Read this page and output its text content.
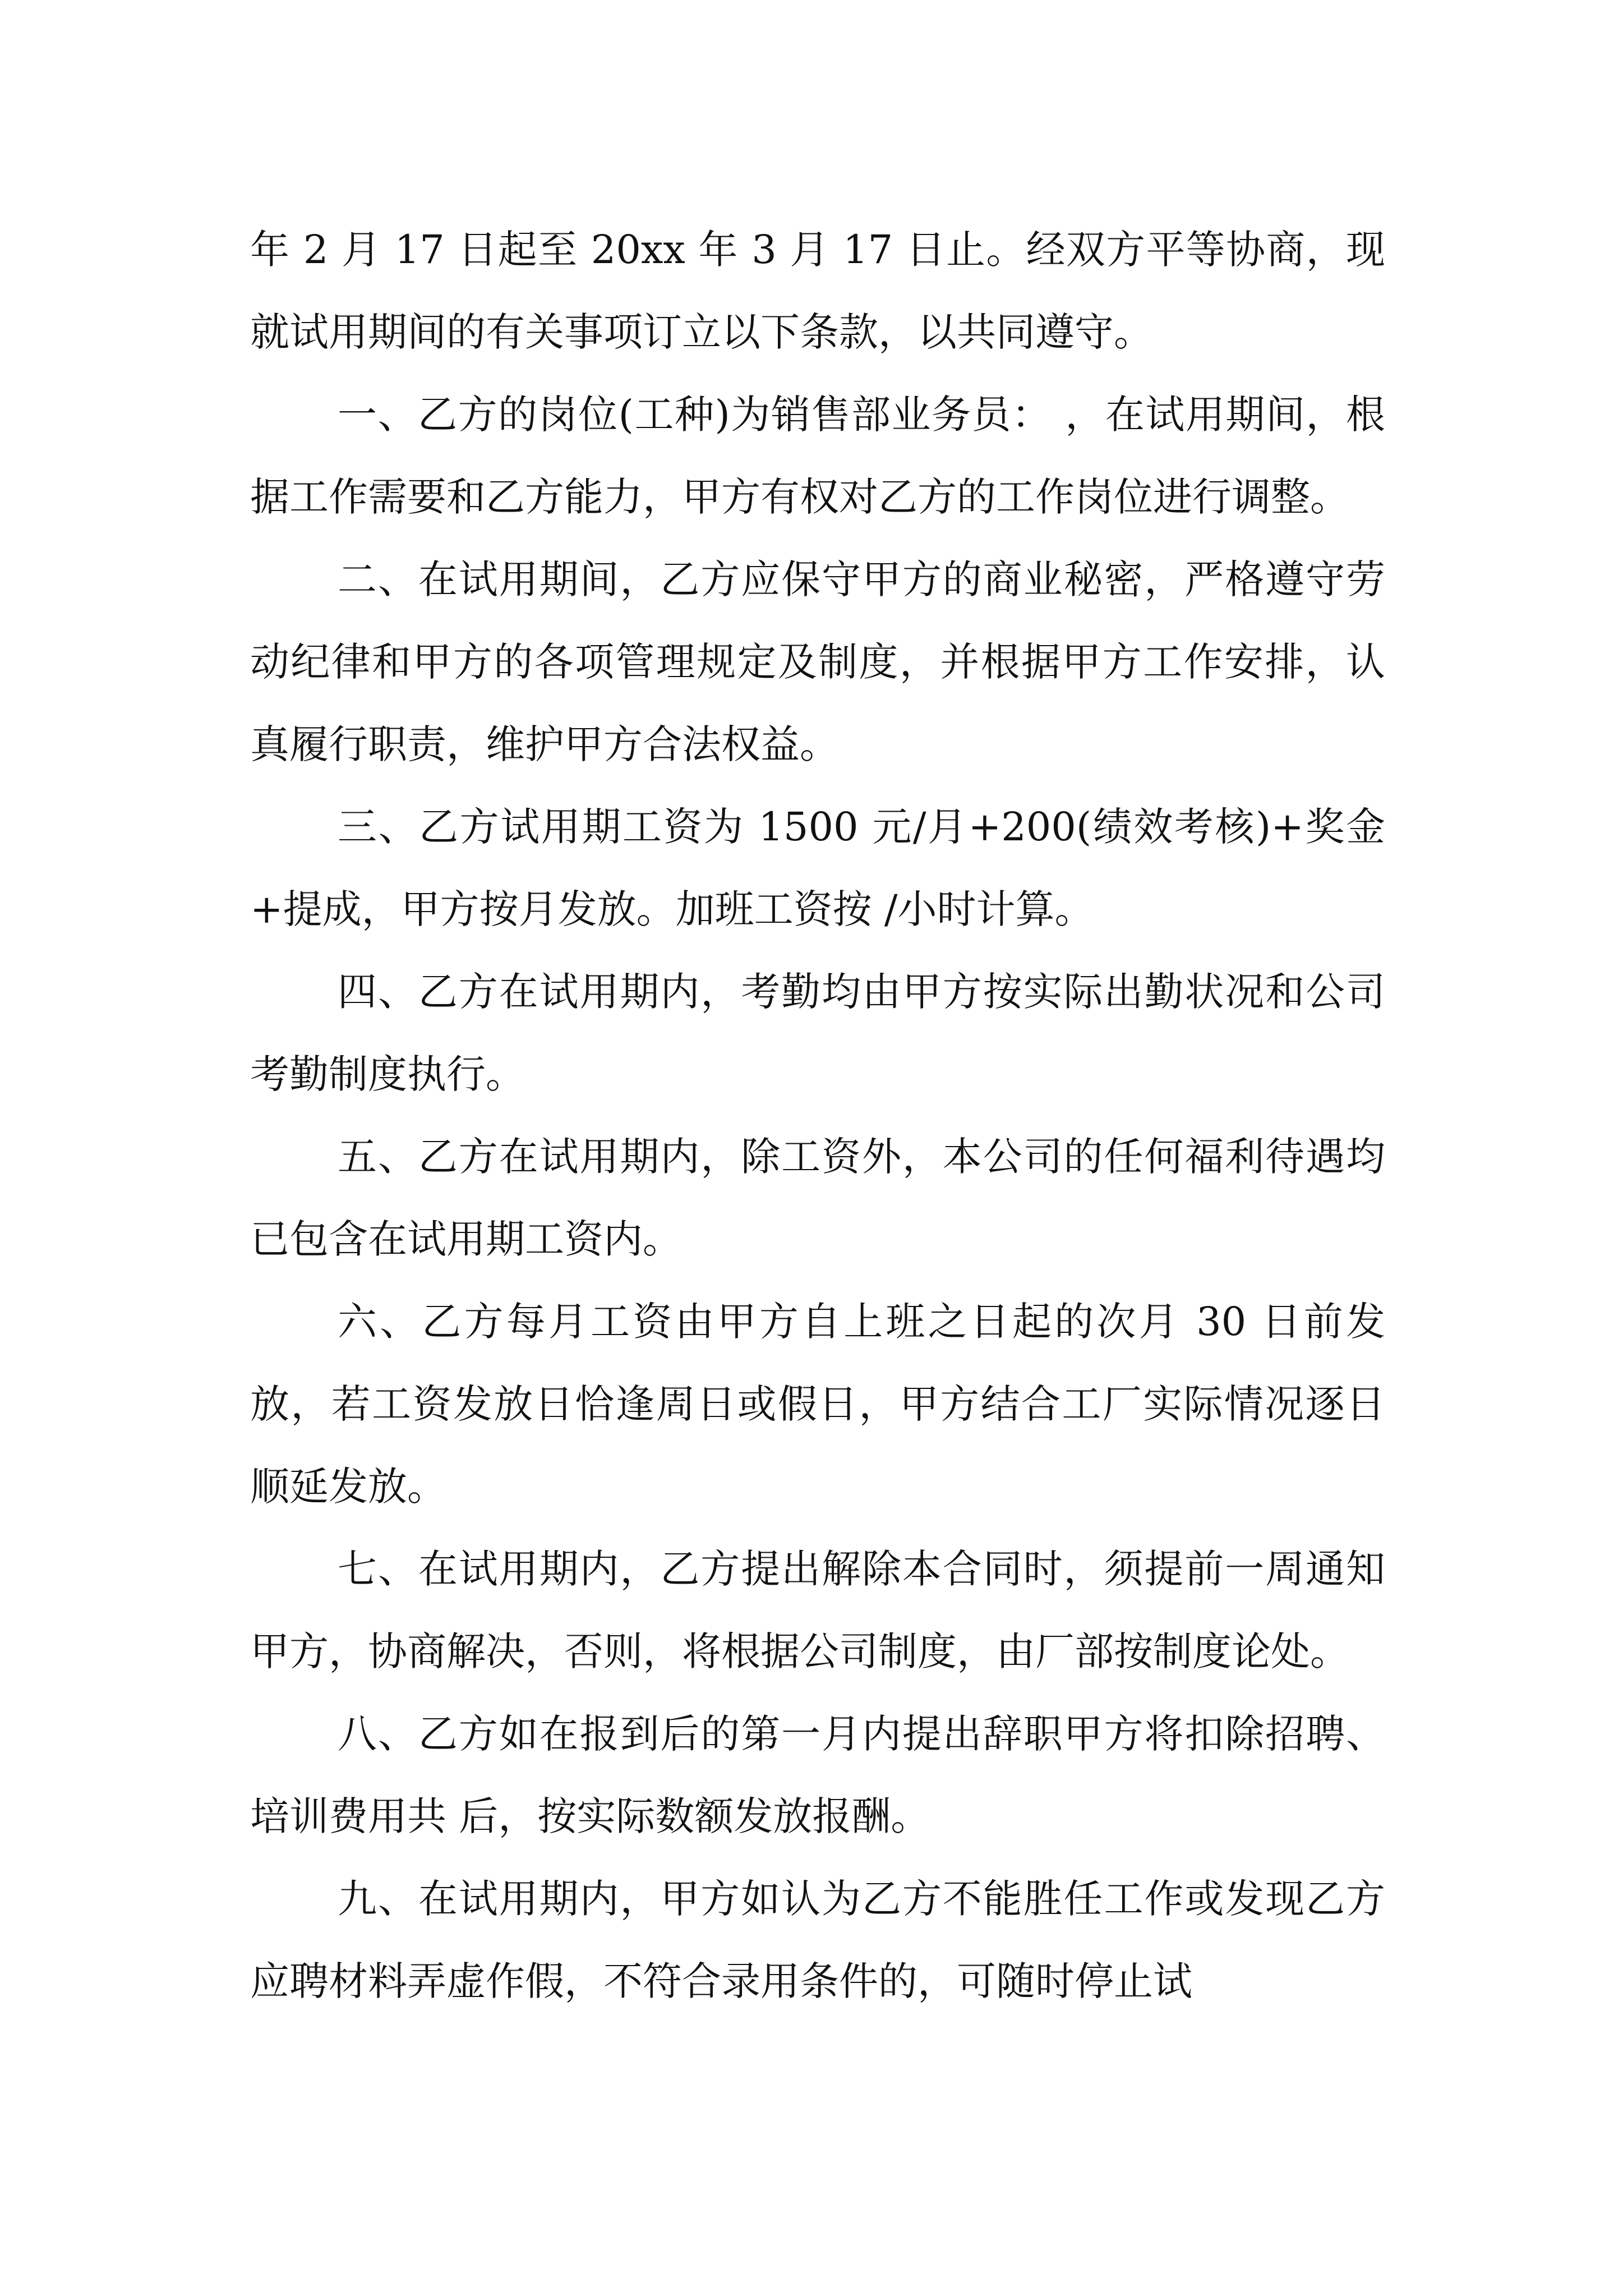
年 2 月 17 日起至 20xx 年 3 月 17 日止。经双方平等协商，现就试用期间的有关事项订立以下条款，以共同遵守。

一、乙方的岗位(工种)为销售部业务员： ，在试用期间，根据工作需要和乙方能力，甲方有权对乙方的工作岗位进行调整。

二、在试用期间，乙方应保守甲方的商业秘密，严格遵守劳动纪律和甲方的各项管理规定及制度，并根据甲方工作安排，认真履行职责，维护甲方合法权益。

三、乙方试用期工资为 1500 元/月+200(绩效考核)+奖金+提成，甲方按月发放。加班工资按 /小时计算。

四、乙方在试用期内，考勤均由甲方按实际出勤状况和公司考勤制度执行。

五、乙方在试用期内，除工资外，本公司的任何福利待遇均已包含在试用期工资内。

六、乙方每月工资由甲方自上班之日起的次月 30 日前发放，若工资发放日恰逢周日或假日，甲方结合工厂实际情况逐日顺延发放。

七、在试用期内，乙方提出解除本合同时，须提前一周通知甲方，协商解决，否则，将根据公司制度，由厂部按制度论处。

八、乙方如在报到后的第一月内提出辞职甲方将扣除招聘、培训费用共 后，按实际数额发放报酬。

九、在试用期内，甲方如认为乙方不能胜任工作或发现乙方应聘材料弄虚作假，不符合录用条件的，可随时停止试
